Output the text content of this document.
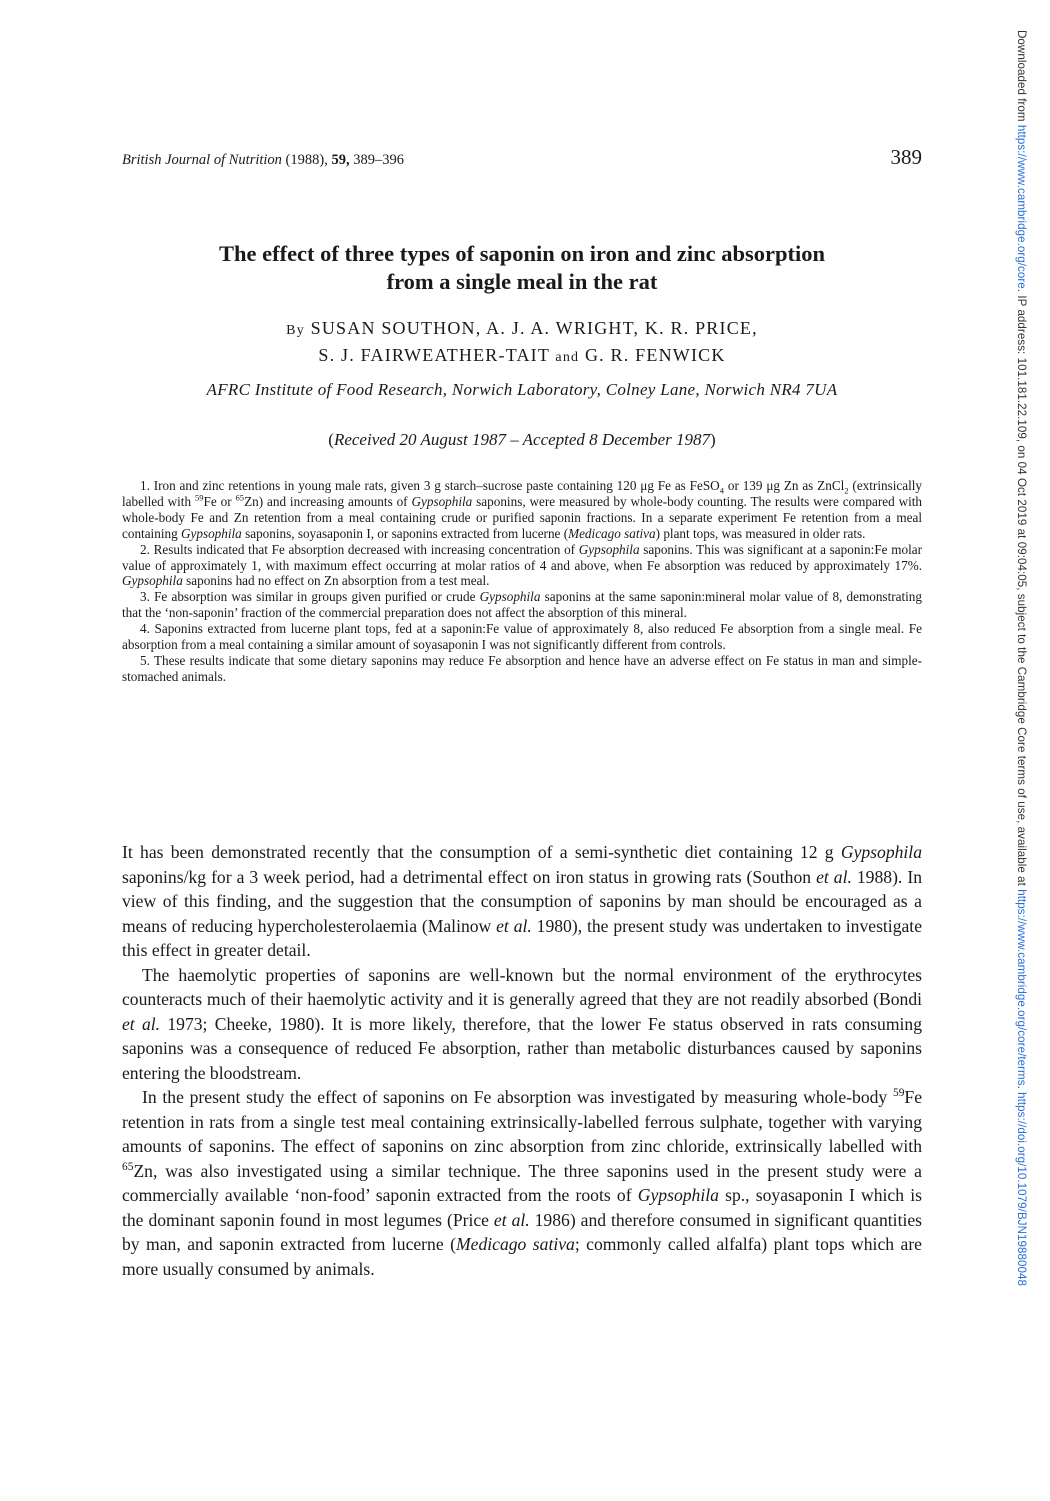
British Journal of Nutrition (1988), 59, 389–396	389
The effect of three types of saponin on iron and zinc absorption
from a single meal in the rat
By SUSAN SOUTHON, A. J. A. WRIGHT, K. R. PRICE,
S. J. FAIRWEATHER-TAIT and G. R. FENWICK
AFRC Institute of Food Research, Norwich Laboratory, Colney Lane, Norwich NR4 7UA
(Received 20 August 1987 – Accepted 8 December 1987)

1. Iron and zinc retentions in young male rats, given 3 g starch–sucrose paste containing 120 μg Fe as FeSO$_4$ or 139 μg Zn as ZnCl$_2$ (extrinsically labelled with $^{59}$Fe or $^{65}$Zn) and increasing amounts of Gypsophila saponins, were measured by whole-body counting. The results were compared with whole-body Fe and Zn retention from a meal containing crude or purified saponin fractions. In a separate experiment Fe retention from a meal containing Gypsophila saponins, soyasaponin I, or saponins extracted from lucerne (Medicago sativa) plant tops, was measured in older rats.

2. Results indicated that Fe absorption decreased with increasing concentration of Gypsophila saponins. This was significant at a saponin:Fe molar value of approximately 1, with maximum effect occurring at molar ratios of 4 and above, when Fe absorption was reduced by approximately 17%. Gypsophila saponins had no effect on Zn absorption from a test meal.

3. Fe absorption was similar in groups given purified or crude Gypsophila saponins at the same saponin:mineral molar value of 8, demonstrating that the ‘non-saponin’ fraction of the commercial preparation does not affect the absorption of this mineral.

4. Saponins extracted from lucerne plant tops, fed at a saponin:Fe value of approximately 8, also reduced Fe absorption from a single meal. Fe absorption from a meal containing a similar amount of soyasaponin I was not significantly different from controls.

5. These results indicate that some dietary saponins may reduce Fe absorption and hence have an adverse effect on Fe status in man and simple-stomached animals.

It has been demonstrated recently that the consumption of a semi-synthetic diet containing 12 g Gypsophila saponins/kg for a 3 week period, had a detrimental effect on iron status in growing rats (Southon et al. 1988). In view of this finding, and the suggestion that the consumption of saponins by man should be encouraged as a means of reducing hypercholesterolaemia (Malinow et al. 1980), the present study was undertaken to investigate this effect in greater detail.

The haemolytic properties of saponins are well-known but the normal environment of the erythrocytes counteracts much of their haemolytic activity and it is generally agreed that they are not readily absorbed (Bondi et al. 1973; Cheeke, 1980). It is more likely, therefore, that the lower Fe status observed in rats consuming saponins was a consequence of reduced Fe absorption, rather than metabolic disturbances caused by saponins entering the bloodstream.

In the present study the effect of saponins on Fe absorption was investigated by measuring whole-body $^{59}$Fe retention in rats from a single test meal containing extrinsically-labelled ferrous sulphate, together with varying amounts of saponins. The effect of saponins on zinc absorption from zinc chloride, extrinsically labelled with $^{65}$Zn, was also investigated using a similar technique. The three saponins used in the present study were a commercially available ‘non-food’ saponin extracted from the roots of Gypsophila sp., soyasaponin I which is the dominant saponin found in most legumes (Price et al. 1986) and therefore consumed in significant quantities by man, and saponin extracted from lucerne (Medicago sativa; commonly called alfalfa) plant tops which are more usually consumed by animals.

Downloaded from https://www.cambridge.org/core. IP address: 101.181.22.109, on 04 Oct 2019 at 09:04:05, subject to the Cambridge Core terms of use, available at https://www.cambridge.org/core/terms. https://doi.org/10.1079/BJN19880048
